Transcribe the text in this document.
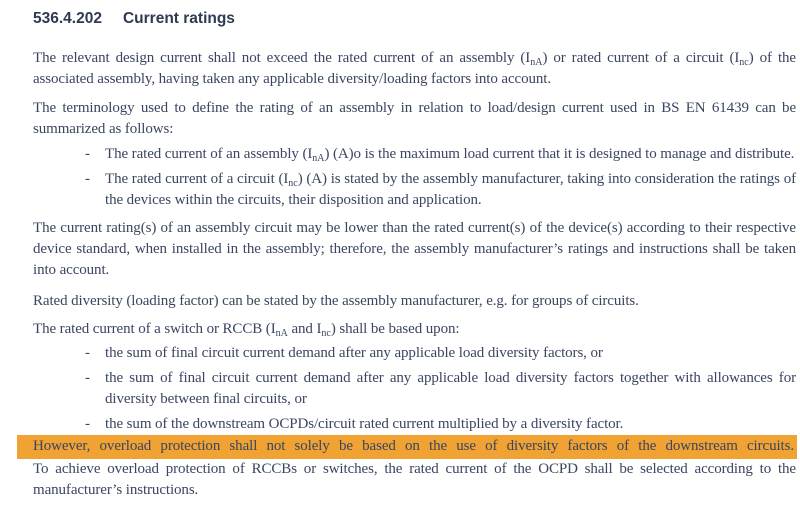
536.4.202 Current ratings

The relevant design current shall not exceed the rated current of an assembly $(I_{nA})$ or rated current of a circuit $(I_{nc})$ of the associated assembly, having taken any applicable diversity/loading factors into account.

The terminology used to define the rating of an assembly in relation to load/design current used in BS EN 61439 can be summarized as follows:

-	The rated current of an assembly $(I_{nA})$ (A)o is the maximum load current that it is designed to manage and distribute.
-	The rated current of a circuit $(I_{nc})$ (A) is stated by the assembly manufacturer, taking into consideration the ratings of the devices within the circuits, their disposition and application.

The current rating(s) of an assembly circuit may be lower than the rated current(s) of the device(s) according to their respective device standard, when installed in the assembly; therefore, the assembly manufacturer’s ratings and instructions shall be taken into account.

Rated diversity (loading factor) can be stated by the assembly manufacturer, e.g. for groups of circuits.

The rated current of a switch or RCCB ($I_{nA}$ and $I_{nc}$) shall be based upon:

-	the sum of final circuit current demand after any applicable load diversity factors, or
-	the sum of final circuit current demand after any applicable load diversity factors together with allowances for diversity between final circuits, or
-	the sum of the downstream OCPDs/circuit rated current multiplied by a diversity factor.

However, overload protection shall not solely be based on the use of diversity factors of the downstream circuits.
To achieve overload protection of RCCBs or switches, the rated current of the OCPD shall be selected according to the manufacturer’s instructions.
